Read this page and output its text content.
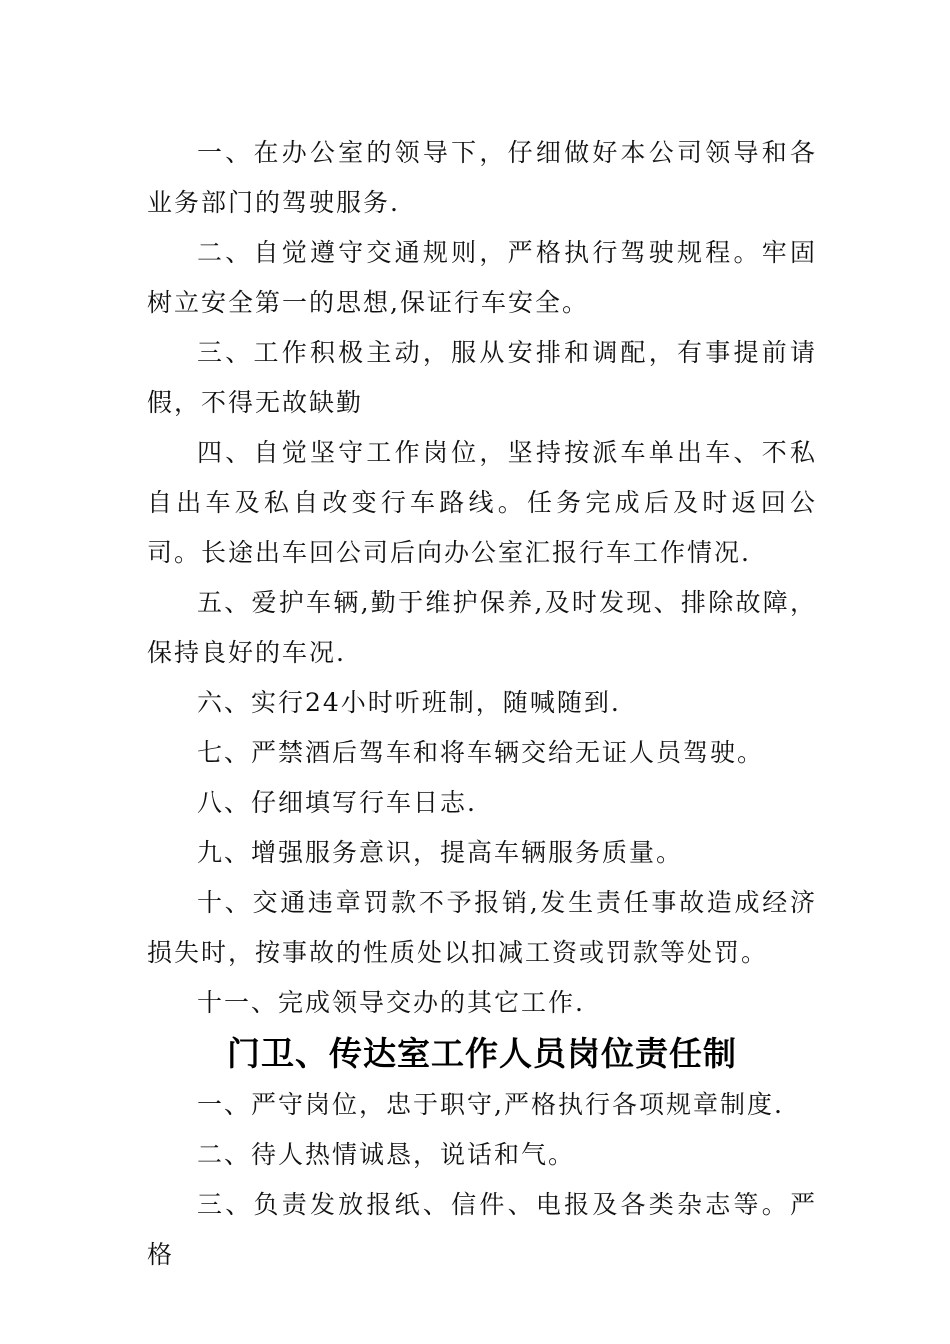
一、在办公室的领导下，仔细做好本公司领导和各业务部门的驾驶服务.

二、自觉遵守交通规则，严格执行驾驶规程。牢固树立安全第一的思想,保证行车安全。

三、工作积极主动，服从安排和调配，有事提前请假，不得无故缺勤

四、自觉坚守工作岗位，坚持按派车单出车、不私自出车及私自改变行车路线。任务完成后及时返回公司。长途出车回公司后向办公室汇报行车工作情况.

五、爱护车辆,勤于维护保养,及时发现、排除故障，保持良好的车况.

六、实行24小时听班制，随喊随到.

七、严禁酒后驾车和将车辆交给无证人员驾驶。

八、仔细填写行车日志.

九、增强服务意识，提高车辆服务质量。

十、交通违章罚款不予报销,发生责任事故造成经济损失时，按事故的性质处以扣减工资或罚款等处罚。

十一、完成领导交办的其它工作.

门卫、传达室工作人员岗位责任制

一、严守岗位，忠于职守,严格执行各项规章制度.

二、待人热情诚恳，说话和气。

三、负责发放报纸、信件、电报及各类杂志等。严格
